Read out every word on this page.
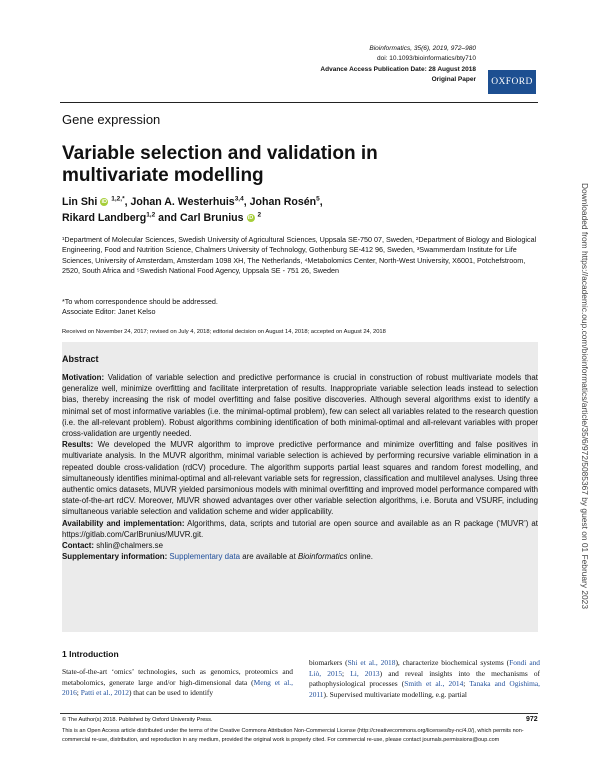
Bioinformatics, 35(6), 2019, 972–980
doi: 10.1093/bioinformatics/bty710
Advance Access Publication Date: 28 August 2018
Original Paper	OXFORD
Gene expression
Variable selection and validation in multivariate modelling
Lin Shi iD $^{1,2,*}$, Johan A. Westerhuis$^{3,4}$, Johan Rosén$^5$,
Rikard Landberg$^{1,2}$ and Carl Brunius iD $^2$
¹Department of Molecular Sciences, Swedish University of Agricultural Sciences, Uppsala SE-750 07, Sweden, ²Department of Biology and Biological Engineering, Food and Nutrition Science, Chalmers University of Technology, Gothenburg SE-412 96, Sweden, ³Swammerdam Institute for Life Sciences, University of Amsterdam, Amsterdam 1098 XH, The Netherlands, ⁴Metabolomics Center, North-West University, X6001, Potchefstroom, 2520, South Africa and ⁵Swedish National Food Agency, Uppsala SE - 751 26, Sweden
*To whom correspondence should be addressed.
Associate Editor: Janet Kelso
Received on November 24, 2017; revised on July 4, 2018; editorial decision on August 14, 2018; accepted on August 24, 2018
Abstract

Motivation: Validation of variable selection and predictive performance is crucial in construction of robust multivariate models that generalize well, minimize overfitting and facilitate interpretation of results. Inappropriate variable selection leads instead to selection bias, thereby increasing the risk of model overfitting and false positive discoveries. Although several algorithms exist to identify a minimal set of most informative variables (i.e. the minimal-optimal problem), few can select all variables related to the research question (i.e. the all-relevant problem). Robust algorithms combining identification of both minimal-optimal and all-relevant variables with proper cross-validation are urgently needed.

Results: We developed the MUVR algorithm to improve predictive performance and minimize overfitting and false positives in multivariate analysis. In the MUVR algorithm, minimal variable selection is achieved by performing recursive variable elimination in a repeated double cross-validation (rdCV) procedure. The algorithm supports partial least squares and random forest modelling, and simultaneously identifies minimal-optimal and all-relevant variable sets for regression, classification and multilevel analyses. Using three authentic omics datasets, MUVR yielded parsimonious models with minimal overfitting and improved model performance compared with state-of-the-art rdCV. Moreover, MUVR showed advantages over other variable selection algorithms, i.e. Boruta and VSURF, including simultaneous variable selection and validation scheme and wider applicability.

Availability and implementation: Algorithms, data, scripts and tutorial are open source and available as an R package (‘MUVR’) at https://gitlab.com/CarlBrunius/MUVR.git.

Contact: shlin@chalmers.se

Supplementary information: Supplementary data are available at Bioinformatics online.

1 Introduction
State-of-the-art ‘omics’ technologies, such as genomics, proteomics and metabolomics, generate large and/or high-dimensional data (Meng et al., 2016; Patti et al., 2012) that can be used to identify
biomarkers (Shi et al., 2018), characterize biochemical systems (Fondi and Liò, 2015; Li, 2013) and reveal insights into the mechanisms of pathophysiological processes (Smith et al., 2014; Tanaka and Ogishima, 2011). Supervised multivariate modelling, e.g. partial
© The Author(s) 2018. Published by Oxford University Press.	972
This is an Open Access article distributed under the terms of the Creative Commons Attribution Non-Commercial License (http://creativecommons.org/licenses/by-nc/4.0/), which permits non-commercial re-use, distribution, and reproduction in any medium, provided the original work is properly cited. For commercial re-use, please contact journals.permissions@oup.com
Downloaded from https://academic.oup.com/bioinformatics/article/35/6/972/5085367 by guest on 01 February 2023
